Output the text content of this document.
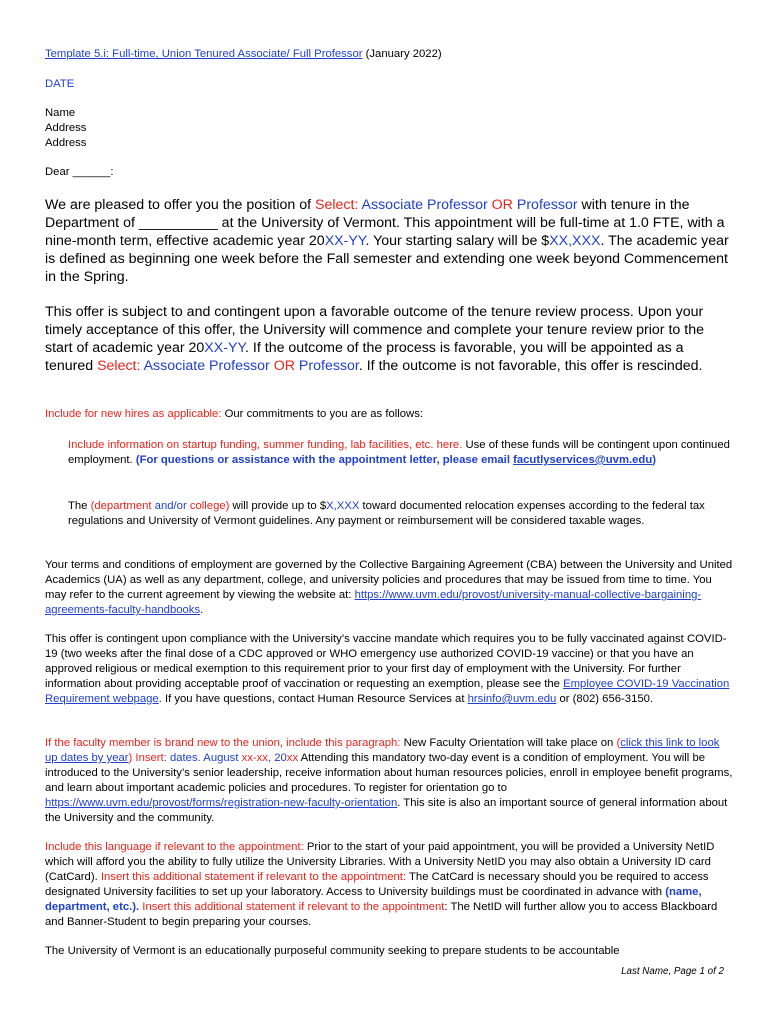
Template 5.i: Full-time, Union Tenured Associate/ Full Professor (January 2022)
DATE
Name
Address
Address
Dear ______:
We are pleased to offer you the position of Select: Associate Professor OR Professor with tenure in the Department of __________ at the University of Vermont. This appointment will be full-time at 1.0 FTE, with a nine-month term, effective academic year 20XX-YY. Your starting salary will be $XX,XXX. The academic year is defined as beginning one week before the Fall semester and extending one week beyond Commencement in the Spring.
This offer is subject to and contingent upon a favorable outcome of the tenure review process. Upon your timely acceptance of this offer, the University will commence and complete your tenure review prior to the start of academic year 20XX-YY. If the outcome of the process is favorable, you will be appointed as a tenured Select: Associate Professor OR Professor. If the outcome is not favorable, this offer is rescinded.
Include for new hires as applicable: Our commitments to you are as follows:
Include information on startup funding, summer funding, lab facilities, etc. here. Use of these funds will be contingent upon continued employment. (For questions or assistance with the appointment letter, please email facutlyservices@uvm.edu)
The (department and/or college) will provide up to $X,XXX toward documented relocation expenses according to the federal tax regulations and University of Vermont guidelines. Any payment or reimbursement will be considered taxable wages.
Your terms and conditions of employment are governed by the Collective Bargaining Agreement (CBA) between the University and United Academics (UA) as well as any department, college, and university policies and procedures that may be issued from time to time. You may refer to the current agreement by viewing the website at: https://www.uvm.edu/provost/university-manual-collective-bargaining-agreements-faculty-handbooks.
This offer is contingent upon compliance with the University’s vaccine mandate which requires you to be fully vaccinated against COVID-19 (two weeks after the final dose of a CDC approved or WHO emergency use authorized COVID-19 vaccine) or that you have an approved religious or medical exemption to this requirement prior to your first day of employment with the University. For further information about providing acceptable proof of vaccination or requesting an exemption, please see the Employee COVID-19 Vaccination Requirement webpage. If you have questions, contact Human Resource Services at hrsinfo@uvm.edu or (802) 656-3150.
If the faculty member is brand new to the union, include this paragraph: New Faculty Orientation will take place on (click this link to look up dates by year) Insert: dates. August xx-xx, 20xx Attending this mandatory two-day event is a condition of employment. You will be introduced to the University’s senior leadership, receive information about human resources policies, enroll in employee benefit programs, and learn about important academic policies and procedures. To register for orientation go to https://www.uvm.edu/provost/forms/registration-new-faculty-orientation. This site is also an important source of general information about the University and the community.
Include this language if relevant to the appointment: Prior to the start of your paid appointment, you will be provided a University NetID which will afford you the ability to fully utilize the University Libraries. With a University NetID you may also obtain a University ID card (CatCard). Insert this additional statement if relevant to the appointment: The CatCard is necessary should you be required to access designated University facilities to set up your laboratory. Access to University buildings must be coordinated in advance with (name, department, etc.). Insert this additional statement if relevant to the appointment: The NetID will further allow you to access Blackboard and Banner-Student to begin preparing your courses.
The University of Vermont is an educationally purposeful community seeking to prepare students to be accountable
Last Name, Page 1 of 2
